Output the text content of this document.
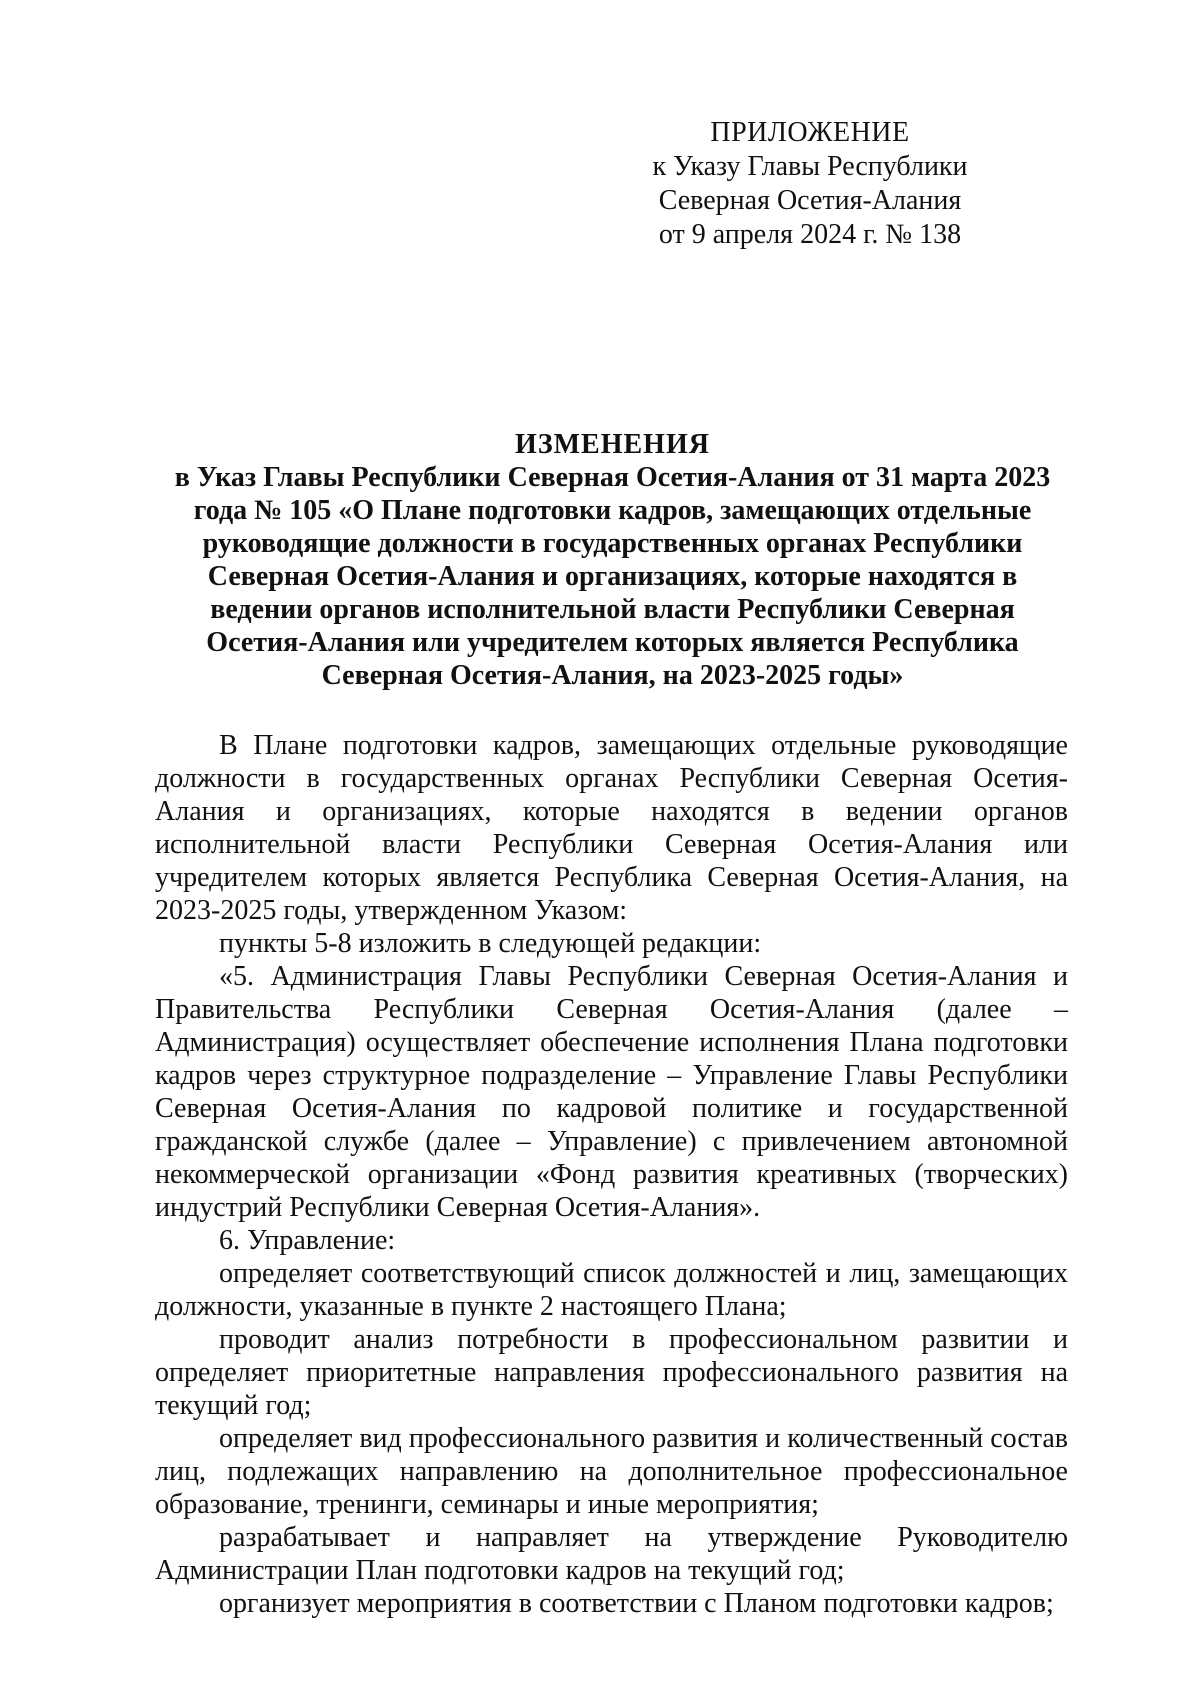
ПРИЛОЖЕНИЕ
к Указу Главы Республики
Северная Осетия-Алания
от 9 апреля 2024 г. № 138
ИЗМЕНЕНИЯ
в Указ Главы Республики Северная Осетия-Алания от 31 марта 2023 года № 105 «О Плане подготовки кадров, замещающих отдельные руководящие должности в государственных органах Республики Северная Осетия-Алания и организациях, которые находятся в ведении органов исполнительной власти Республики Северная Осетия-Алания или учредителем которых является Республика Северная Осетия-Алания, на 2023-2025 годы»

В Плане подготовки кадров, замещающих отдельные руководящие должности в государственных органах Республики Северная Осетия-Алания и организациях, которые находятся в ведении органов исполнительной власти Республики Северная Осетия-Алания или учредителем которых является Республика Северная Осетия-Алания, на 2023-2025 годы, утвержденном Указом:

пункты 5-8 изложить в следующей редакции:

«5. Администрация Главы Республики Северная Осетия-Алания и Правительства Республики Северная Осетия-Алания (далее – Администрация) осуществляет обеспечение исполнения Плана подготовки кадров через структурное подразделение – Управление Главы Республики Северная Осетия-Алания по кадровой политике и государственной гражданской службе (далее – Управление) с привлечением автономной некоммерческой организации «Фонд развития креативных (творческих) индустрий Республики Северная Осетия-Алания».

6. Управление:

определяет соответствующий список должностей и лиц, замещающих должности, указанные в пункте 2 настоящего Плана;

проводит анализ потребности в профессиональном развитии и определяет приоритетные направления профессионального развития на текущий год;

определяет вид профессионального развития и количественный состав лиц, подлежащих направлению на дополнительное профессиональное образование, тренинги, семинары и иные мероприятия;

разрабатывает и направляет на утверждение Руководителю Администрации План подготовки кадров на текущий год;

организует мероприятия в соответствии с Планом подготовки кадров;
